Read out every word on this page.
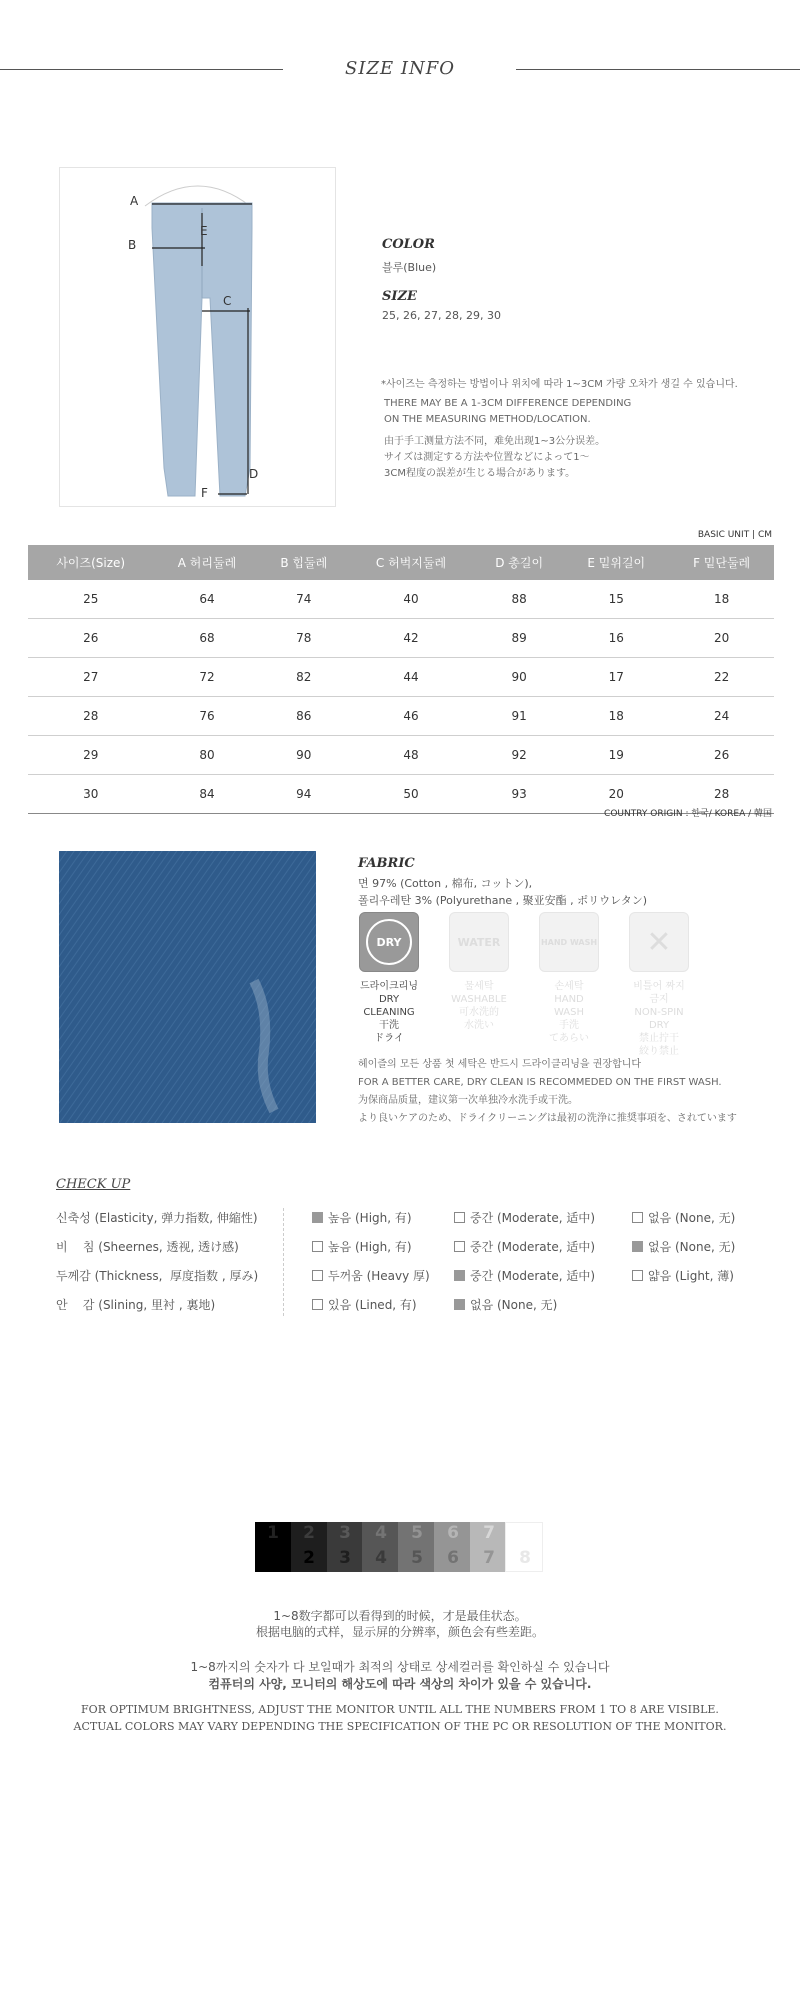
SIZE INFO
A
B
C
D
E
F
COLOR
블루(Blue)
SIZE
25, 26, 27, 28, 29, 30
*사이즈는 측정하는 방법이나 위치에 따라 1~3CM 가량 오차가 생길 수 있습니다.
THERE MAY BE A 1-3CM DIFFERENCE DEPENDING
ON THE MEASURING METHOD/LOCATION.
由于手工测量方法不同，难免出现1~3公分误差。
サイズは測定する方法や位置などによって1～
3CM程度の誤差が生じる場合があります。
BASIC UNIT | CM
사이즈(Size)	A 허리둘레	B 힙둘레	C 허벅지둘레	D 총길이	E 밑위길이	F 밑단둘레
25	64	74	40	88	15	18
26	68	78	42	89	16	20
27	72	82	44	90	17	22
28	76	86	46	91	18	24
29	80	90	48	92	19	26
30	84	94	50	93	20	28
COUNTRY ORIGIN : 한국/ KOREA / 韓国
FABRIC
면 97% (Cotton , 棉布, コットン),
폴리우레탄 3% (Polyurethane , 聚亚安酯 , ポリウレタン)
DRY
드라이크리닝
DRY CLEANING
干洗
ドライ
WATER
물세탁
WASHABLE
可水洗的
水洗い
HAND WASH
손세탁
HAND WASH
手洗
てあらい
✕
비틀어 짜지 금지
NON-SPIN DRY
禁止拧干
絞り禁止
헤이즐의 모든 상품 첫 세탁은 반드시 드라이클리닝을 권장합니다
FOR A BETTER CARE, DRY CLEAN IS RECOMMEDED ON THE FIRST WASH.
为保商品质量，建议第一次单独冷水洗手或干洗。
より良いケアのため、ドライクリーニングは最初の洗浄に推奨事項を、されています
CHECK UP
신축성 (Elasticity, 弹力指数, 伸縮性)	높음 (High, 有)	중간 (Moderate, 适中)	없음 (None, 无)
비    침 (Sheernes, 透视, 透け感)	높음 (High, 有)	중간 (Moderate, 适中)	없음 (None, 无)
두께감 (Thickness,  厚度指数 , 厚み)	두꺼움 (Heavy 厚)	중간 (Moderate, 适中)	얇음 (Light, 薄)
안    감 (Slining, 里衬 , 裏地)	있음 (Lined, 有)	없음 (None, 无)
1	2	3	4	5	6	7	8
1	2	3	4	5	6	7	8
1~8数字都可以看得到的时候，才是最佳状态。
根据电脑的式样，显示屏的分辨率，颜色会有些差距。
1~8까지의 숫자가 다 보일때가 최적의 상태로 상세컬러를 확인하실 수 있습니다
컴퓨터의 사양, 모니터의 해상도에 따라 색상의 차이가 있을 수 있습니다.
FOR OPTIMUM BRIGHTNESS, ADJUST THE MONITOR UNTIL ALL THE NUMBERS FROM 1 TO 8 ARE VISIBLE.
ACTUAL COLORS MAY VARY DEPENDING THE SPECIFICATION OF THE PC OR RESOLUTION OF THE MONITOR.
